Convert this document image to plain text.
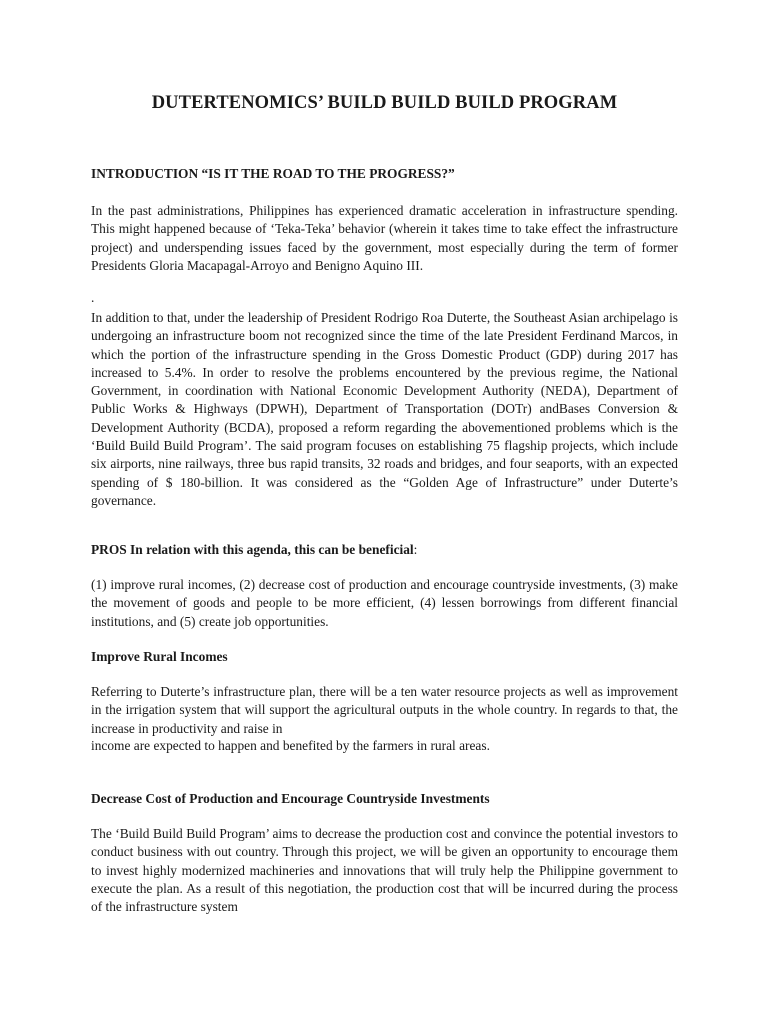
DUTERTENOMICS’ BUILD BUILD BUILD PROGRAM
INTRODUCTION “IS IT THE ROAD TO THE PROGRESS?”
In the past administrations, Philippines has experienced dramatic acceleration in infrastructure spending. This might happened because of ‘Teka-Teka’ behavior (wherein it takes time to take effect the infrastructure project) and underspending issues faced by the government, most especially during the term of former Presidents Gloria Macapagal-Arroyo and Benigno Aquino III.
.
In addition to that, under the leadership of President Rodrigo Roa Duterte, the Southeast Asian archipelago is undergoing an infrastructure boom not recognized since the time of the late President Ferdinand Marcos, in which the portion of the infrastructure spending in the Gross Domestic Product (GDP) during 2017 has increased to 5.4%. In order to resolve the problems encountered by the previous regime, the National Government, in coordination with National Economic Development Authority (NEDA), Department of Public Works & Highways (DPWH), Department of Transportation (DOTr) andBases Conversion & Development Authority (BCDA), proposed a reform regarding the abovementioned problems which is the ‘Build Build Build Program’. The said program focuses on establishing 75 flagship projects, which include six airports, nine railways, three bus rapid transits, 32 roads and bridges, and four seaports, with an expected spending of $ 180-billion. It was considered as the “Golden Age of Infrastructure” under Duterte’s governance.
PROS In relation with this agenda, this can be beneficial:
(1) improve rural incomes, (2) decrease cost of production and encourage countryside investments, (3) make the movement of goods and people to be more efficient, (4) lessen borrowings from different financial institutions, and (5) create job opportunities.
Improve Rural Incomes
Referring to Duterte’s infrastructure plan, there will be a ten water resource projects as well as improvement in the irrigation system that will support the agricultural outputs in the whole country. In regards to that, the increase in productivity and raise in
income are expected to happen and benefited by the farmers in rural areas.
Decrease Cost of Production and Encourage Countryside Investments
The ‘Build Build Build Program’ aims to decrease the production cost and convince the potential investors to conduct business with out country. Through this project, we will be given an opportunity to encourage them to invest highly modernized machineries and innovations that will truly help the Philippine government to execute the plan. As a result of this negotiation, the production cost that will be incurred during the process of the infrastructure system
